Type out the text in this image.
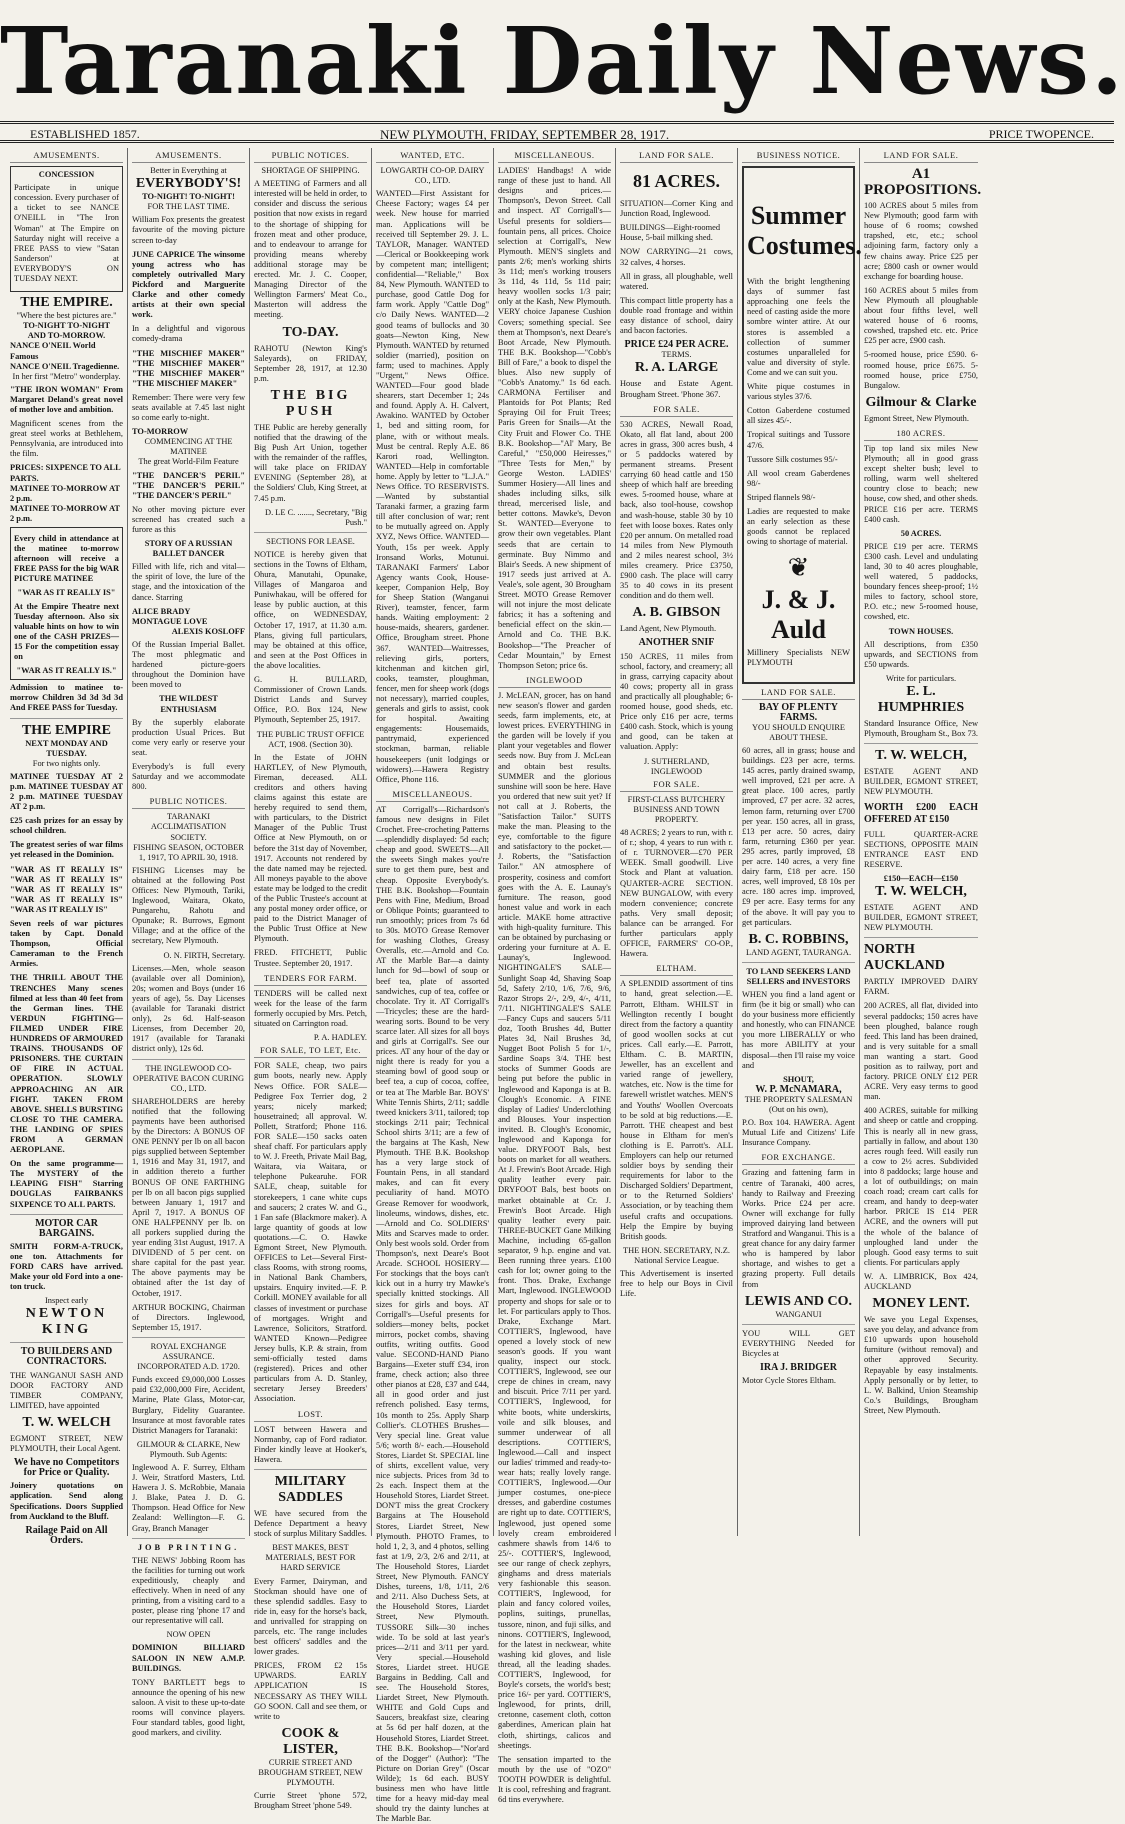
Taranaki Daily News.
ESTABLISHED 1857.	NEW PLYMOUTH, FRIDAY, SEPTEMBER 28, 1917.	PRICE TWOPENCE.
AMUSEMENTS.
CONCESSION
Participate in unique concession. Every purchaser of a ticket to see NANCE O'NEILL in "The Iron Woman" at The Empire on Saturday night will receive a FREE PASS to view "Satan Sanderson" at EVERYBODY'S ON TUESDAY NEXT.
THE EMPIRE.
"Where the best pictures are."
TO-NIGHT TO-NIGHT
AND TO-MORROW.
NANCE O'NEIL World Famous
NANCE O'NEIL Tragedienne.
In her first "Metro" wonderplay.
"THE IRON WOMAN" From Margaret Deland's great novel of mother love and ambition.
Magnificent scenes from the great steel works at Bethlehem, Pennsylvania, are introduced into the film.
PRICES: SIXPENCE TO ALL PARTS.
MATINEE TO-MORROW AT 2 p.m.
MATINEE TO-MORROW AT 2 p.m.
Every child in attendance at the matinee to-morrow afternoon will receive a FREE PASS for the big WAR PICTURE MATINEE
"WAR AS IT REALLY IS"
At the Empire Theatre next Tuesday afternoon. Also six valuable hints on how to win one of the CASH PRIZES—15 For the competition essay on
"WAR AS IT REALLY IS."
Admission to matinee to-morrow Children 3d 3d 3d 3d And FREE PASS for Tuesday.
THE EMPIRE
NEXT MONDAY AND TUESDAY.
For two nights only.
MATINEE TUESDAY AT 2 p.m. MATINEE TUESDAY AT 2 p.m. MATINEE TUESDAY AT 2 p.m.
£25 cash prizes for an essay by school children.
The greatest series of war films yet released in the Dominion.
"WAR AS IT REALLY IS" "WAR AS IT REALLY IS" "WAR AS IT REALLY IS" "WAR AS IT REALLY IS" "WAR AS IT REALLY IS"
Seven reels of war pictures taken by Capt. Donald Thompson, Official Cameraman to the French Armies.
THE THRILL ABOUT THE TRENCHES Many scenes filmed at less than 40 feet from the German lines. THE VERDUN FIGHTING—FILMED UNDER FIRE HUNDREDS OF ARMOURED TRAINS. THOUSANDS OF PRISONERS. THE CURTAIN OF FIRE IN ACTUAL OPERATION. SLOWLY APPROACHING AN AIR FIGHT. TAKEN FROM ABOVE. SHELLS BURSTING CLOSE TO THE CAMERA. THE LANDING OF SPIES FROM A GERMAN AEROPLANE.
On the same programme— The MYSTERY of the LEAPING FISH" Starring DOUGLAS FAIRBANKS SIXPENCE TO ALL PARTS.
MOTOR CAR BARGAINS.
SMITH FORM-A-TRUCK, one ton. Attachments for FORD CARS have arrived. Make your old Ford into a one-ton truck.
Inspect early
NEWTON KING
TO BUILDERS AND CONTRACTORS.
THE WANGANUI SASH AND DOOR FACTORY AND TIMBER COMPANY, LIMITED, have appointed
T. W. WELCH
EGMONT STREET, NEW PLYMOUTH, their Local Agent.
We have no Competitors for Price or Quality.
Joinery quotations on application. Send along Specifications. Doors Supplied from Auckland to the Bluff.
Railage Paid on All Orders.
AMUSEMENTS.
Better in Everything at
EVERYBODY'S!
TO-NIGHT! TO-NIGHT!
FOR THE LAST TIME.
William Fox presents the greatest favourite of the moving picture screen to-day
JUNE CAPRICE The winsome young actress who has completely outrivalled Mary Pickford and Marguerite Clarke and other comedy artists at their own special work.
In a delightful and vigorous comedy-drama
"THE MISCHIEF MAKER" "THE MISCHIEF MAKER" "THE MISCHIEF MAKER" "THE MISCHIEF MAKER"
Remember: There were very few seats available at 7.45 last night so come early to-night.
TO-MORROW
COMMENCING AT THE MATINEE
The great World-Film Feature
"THE DANCER'S PERIL" "THE DANCER'S PERIL" "THE DANCER'S PERIL"
No other moving picture ever screened has created such a furore as this
STORY OF A RUSSIAN BALLET DANCER
Filled with life, rich and vital—the spirit of love, the lure of the stage, and the intoxication of the dance. Starring
ALICE BRADY
MONTAGUE LOVE
ALEXIS KOSLOFF
Of the Russian Imperial Ballet. The most phlegmatic and hardened picture-goers throughout the Dominion have been moved to
THE WILDEST ENTHUSIASM
By the superbly elaborate production Usual Prices. But come very early or reserve your seat.
Everybody's is full every Saturday and we accommodate 800.
PUBLIC NOTICES.
TARANAKI ACCLIMATISATION SOCIETY.
FISHING SEASON, OCTOBER 1, 1917, TO APRIL 30, 1918.
FISHING Licenses may be obtained at the following Post Offices: New Plymouth, Tariki, Inglewood, Waitara, Okato, Pungarehu, Rahotu and Opunake; R. Burrows, Egmont Village; and at the office of the secretary, New Plymouth.
O. N. FIRTH, Secretary.
Licenses.—Men, whole season (available over all Dominion), 20s; women and Boys (under 16 years of age), 5s. Day Licenses (available for Taranaki district only), 2s 6d. Half-season Licenses, from December 20, 1917 (available for Taranaki district only), 12s 6d.
THE INGLEWOOD CO-OPERATIVE BACON CURING CO., LTD.
SHAREHOLDERS are hereby notified that the following payments have been authorised by the Directors: A BONUS OF ONE PENNY per lb on all bacon pigs supplied between September 1, 1916 and May 31, 1917, and in addition thereto a further BONUS OF ONE FARTHING per lb on all bacon pigs supplied between January 1, 1917 and April 7, 1917. A BONUS OF ONE HALFPENNY per lb. on all porkers supplied during the year ending 31st August, 1917. A DIVIDEND of 5 per cent. on share capital for the past year. The above payments may be obtained after the 1st day of October, 1917.
ARTHUR BOCKING, Chairman of Directors. Inglewood, September 15, 1917.
ROYAL EXCHANGE ASSURANCE. INCORPORATED A.D. 1720.
Funds exceed £9,000,000 Losses paid £32,000,000 Fire, Accident, Marine, Plate Glass, Motor-car, Burglary, Fidelity Guarantee. Insurance at most favorable rates District Managers for Taranaki:
GILMOUR & CLARKE, New Plymouth. Sub Agents:
Inglewood A. F. Surrey, Eltham J. Weir, Stratford Masters, Ltd. Hawera J. S. McRobbie, Manaia J. Blake, Patea J. D. G. Thompson. Head Office for New Zealand: Wellington—F. G. Gray, Branch Manager
JOB PRINTING.
THE NEWS' Jobbing Room has the facilities for turning out work expeditiously, cheaply and effectively. When in need of any printing, from a visiting card to a poster, please ring 'phone 17 and our representative will call.
NOW OPEN
DOMINION BILLIARD SALOON IN NEW A.M.P. BUILDINGS.
TONY BARTLETT begs to announce the opening of his new saloon. A visit to these up-to-date rooms will convince players. Four standard tables, good light, good markers, and civility.
PUBLIC NOTICES.
SHORTAGE OF SHIPPING.
A MEETING of Farmers and all interested will be held in order, to consider and discuss the serious position that now exists in regard to the shortage of shipping for frozen meat and other produce, and to endeavour to arrange for providing means whereby additional storage may be erected. Mr. J. C. Cooper, Managing Director of the Wellington Farmers' Meat Co., Masterton will address the meeting.
TO-DAY.
RAHOTU (Newton King's Saleyards), on FRIDAY, September 28, 1917, at 12.30 p.m.
THE BIG PUSH
THE Public are hereby generally notified that the drawing of the Big Push Art Union, together with the remainder of the raffles, will take place on FRIDAY EVENING (September 28), at the Soldiers' Club, King Street, at 7.45 p.m.
D. LE C. ......., Secretary, "Big Push."
SECTIONS FOR LEASE.
NOTICE is hereby given that sections in the Towns of Eltham, Ohura, Manutahi, Opunake, Villages of Mangaroa and Puniwhakau, will be offered for lease by public auction, at this office, on WEDNESDAY, October 17, 1917, at 11.30 a.m. Plans, giving full particulars, may be obtained at this office, and seen at the Post Offices in the above localities.
G. H. BULLARD, Commissioner of Crown Lands. District Lands and Survey Office, P.O. Box 124, New Plymouth, September 25, 1917.
THE PUBLIC TRUST OFFICE ACT, 1908. (Section 30).
In the Estate of JOHN HARTLEY, of New Plymouth, Fireman, deceased. ALL creditors and others having claims against this estate are hereby required to send them, with particulars, to the District Manager of the Public Trust Office at New Plymouth, on or before the 31st day of November, 1917. Accounts not rendered by the date named may be rejected. All moneys payable to the above estate may be lodged to the credit of the Public Trustee's account at any postal money order office, or paid to the District Manager of the Public Trust Office at New Plymouth.
FRED. FITCHETT, Public Trustee. September 20, 1917.
TENDERS FOR FARM.
TENDERS will be called next week for the lease of the farm formerly occupied by Mrs. Petch, situated on Carrington road.
P. A. HADLEY.
FOR SALE, TO LET, Etc.
FOR SALE, cheap, two pairs gum boots, nearly new. Apply News Office. FOR SALE—Pedigree Fox Terrier dog, 2 years; nicely marked; housetrained; all approval. W. Pollett, Stratford; Phone 116. FOR SALE—150 sacks oaten sheaf chaff. For particulars apply to W. J. Freeth, Private Mail Bag, Waitara, via Waitara, or telephone Pukearuhe. FOR SALE, cheap, suitable for storekeepers, 1 cane white cups and saucers; 2 crates W. and G., 1 Fan safe (Blackmore maker). A large quantity of goods at low quotations.—C. O. Hawke Egmont Street, New Plymouth. OFFICES to Let—Several First-class Rooms, with strong rooms, in National Bank Chambers, upstairs. Enquiry invited.—F. P. Corkill. MONEY available for all classes of investment or purchase of mortgages. Wright and Lawrence, Solicitors, Stratford. WANTED Known—Pedigree Jersey bulls, K.P. & strain, from semi-officially tested dams (registered). Prices and other particulars from A. D. Stanley, secretary Jersey Breeders' Association.
LOST.
LOST between Hawera and Normanby, cap of Ford radiator. Finder kindly leave at Hooker's, Hawera.
MILITARY SADDLES
WE have secured from the Defence Department a heavy stock of surplus Military Saddles.
BEST MAKES, BEST MATERIALS, BEST FOR HARD SERVICE
Every Farmer, Dairyman, and Stockman should have one of these splendid saddles. Easy to ride in, easy for the horse's back, and unrivalled for strapping on parcels, etc. The range includes best officers' saddles and the lower grades.
PRICES, FROM £2 15s UPWARDS. EARLY APPLICATION IS NECESSARY AS THEY WILL GO SOON. Call and see them, or write to
COOK & LISTER,
CURRIE STREET AND BROUGHAM STREET, NEW PLYMOUTH.
Currie Street 'phone 572, Brougham Street 'phone 549.
WANTED, ETC.
LOWGARTH CO-OP. DAIRY CO., LTD.
WANTED—First Assistant for Cheese Factory; wages £4 per week. New house for married man. Applications will be received till September 29. J. L. TAYLOR, Manager. WANTED—Clerical or Bookkeeping work by competent man; intelligent; confidential—"Reliable," Box 84, New Plymouth. WANTED to purchase, good Cattle Dog for farm work. Apply "Cattle Dog" c/o Daily News. WANTED—2 good teams of bullocks and 30 goats—Newton King, New Plymouth. WANTED by returned soldier (married), position on farm; used to machines. Apply "Urgent," News Office. WANTED—Four good blade shearers, start December 1; 24s and found. Apply A. H. Calvert, Awakino. WANTED by October 1, bed and sitting room, for plane, with or without meals. Must be central. Reply A.E. 86 Karori road, Wellington. WANTED—Help in comfortable home. Apply by letter to "L.J.A." News Office. TO RESERVISTS.—Wanted by substantial Taranaki farmer, a grazing farm till after conclusion of war; rent to be mutually agreed on. Apply XYZ, News Office. WANTED—Youth, 15s per week. Apply Ironsand Works, Motunui. TARANAKI Farmers' Labor Agency wants Cook, House-keeper, Companion Help, Boy for Sheep Station (Wanganui River), teamster, fencer, farm hands. Waiting employment: 2 house-maids, shearers, gardener. Office, Brougham street. Phone 367. WANTED—Waitresses, relieving girls, porters, kitchenman and kitchen girl, cooks, teamster, ploughman, fencer, men for sheep work (dogs not necessary), married couples, generals and girls to assist, cook for hospital. Awaiting engagements: Housemaids, pantrymaid, experienced stockman, barman, reliable housekeepers (unit lodgings or widowers).—Hawera Registry Office, Phone 116.
MISCELLANEOUS.
AT Corrigall's—Richardson's famous new designs in Filet Crochet. Free-crocheting Patterns—splendidly displayed: 5d each; cheap and good. SWEETS—All the sweets Singh makes you're sure to get them pure, best and cheap. Opposite Everybody's. THE B.K. Bookshop—Fountain Pens with Fine, Medium, Broad or Oblique Points; guaranteed to run smoothly; prices from 7s 6d to 30s. MOTO Grease Remover for washing Clothes, Greasy Overalls, etc.—Arnold and Co. AT the Marble Bar—a dainty lunch for 9d—bowl of soup or beef tea, plate of assorted sandwiches, cup of tea, coffee or chocolate. Try it. AT Corrigall's—Tricycles; these are the hard-wearing sorts. Bound to be very scarce later. All sizes for all boys and girls at Corrigall's. See our prices. AT any hour of the day or night there is ready for you a steaming bowl of good soup or beef tea, a cup of cocoa, coffee, or tea at The Marble Bar. BOYS' White Tennis Shirts, 2/11; saddle tweed knickers 3/11, tailored; top stockings 2/11 pair; Technical School shirts 3/11; are a few of the bargains at The Kash, New Plymouth. THE B.K. Bookshop has a very large stock of Fountain Pens, in all standard makes, and can fit every peculiarity of hand. MOTO Grease Remover for woodwork, linoleums, windows, dishes, etc.—Arnold and Co. SOLDIERS' Mits and Scarves made to order. Only best wools sold. Order from Thompson's, next Deare's Boot Arcade. SCHOOL HOSIERY—For stockings that the boys can't kick out in a hurry try Mawke's specially knitted stockings. All sizes for girls and boys. AT Corrigall's—Useful presents for soldiers—money belts, pocket mirrors, pocket combs, shaving outfits, writing outfits. Good value. SECOND-HAND Piano Bargains—Exeter stuff £34, iron frame, check action; also three other pianos at £28, £37 and £44, all in good order and just refrench polished. Easy terms, 10s month to 25s. Apply Sharp Collier's. CLOTHES Brushes—Very special line. Great value 5/6; worth 8/- each.—Household Stores, Liardet St. SPECIAL line of shirts, excellent value, very nice subjects. Prices from 3d to 2s each. Inspect them at the Household Stores, Liardet Street. DON'T miss the great Crockery Bargains at The Household Stores, Liardet Street, New Plymouth. PHOTO Frames, to hold 1, 2, 3, and 4 photos, selling fast at 1/9, 2/3, 2/6 and 2/11, at The Household Stores, Liardet Street, New Plymouth. FANCY Dishes, tureens, 1/8, 1/11, 2/6 and 2/11. Also Duchess Sets, at the Household Stores, Liardet Street, New Plymouth. TUSSORE Silk—30 inches wide. To be sold at last year's prices—2/11 and 3/11 per yard. Very special.—Household Stores, Liardet street. HUGE Bargains in Bedding. Call and see. The Household Stores, Liardet Street, New Plymouth. WHITE and Gold Cups and Saucers, breakfast size, clearing at 5s 6d per half dozen, at the Household Stores, Liardet Street. THE B.K. Bookshop—"Nor'ard of the Dogger" (Author): "The Picture on Dorian Grey" (Oscar Wilde); 1s 6d each. BUSY business men who have little time for a heavy mid-day meal should try the dainty lunches at The Marble Bar.
MISCELLANEOUS.
LADIES' Handbags! A wide range of these just to hand. All designs and prices.—Thompson's, Devon Street. Call and inspect. AT Corrigall's—Useful presents for soldiers—fountain pens, all prices. Choice selection at Corrigall's, New Plymouth. MEN'S singlets and pants 2/6; men's working shirts 3s 11d; men's working trousers 3s 11d, 4s 11d, 5s 11d pair; heavy woollen socks 1/3 pair; only at the Kash, New Plymouth. VERY choice Japanese Cushion Covers; something special. See them at Thompson's, next Deare's Boot Arcade, New Plymouth. THE B.K. Bookshop—"Cobb's Bill of Fare," a book to dispel the blues. Also new supply of "Cobb's Anatomy." 1s 6d each. CARMONA Fertiliser and Plantoids for Pot Plants; Red Spraying Oil for Fruit Trees; Paris Green for Snails—At the City Fruit and Flower Co. THE B.K. Bookshop—"Al' Mary, Be Careful," "£50,000 Heiresses," "Three Tests for Men," by George Weston. LADIES' Summer Hosiery—All lines and shades including silks, silk thread, mercerised lisle, and better cottons. Mawke's, Devon St. WANTED—Everyone to grow their own vegetables. Plant seeds that are certain to germinate. Buy Nimmo and Blair's Seeds. A new shipment of 1917 seeds just arrived at A. Veale's, sole agent, 30 Brougham Street. MOTO Grease Remover will not injure the most delicate fabrics; it has a softening and beneficial effect on the skin.—Arnold and Co. THE B.K. Bookshop—"The Preacher of Cedar Mountain," by Ernest Thompson Seton; price 6s.
INGLEWOOD
J. McLEAN, grocer, has on hand new season's flower and garden seeds, farm implements, etc, at lowest prices. EVERYTHING in the garden will be lovely if you plant your vegetables and flower seeds now. Buy from J. McLean and obtain best results. SUMMER and the glorious sunshine will soon be here. Have you ordered that new suit yet? If not call at J. Roberts, the "Satisfaction Tailor." SUITS make the man. Pleasing to the eye, comfortable to the figure and satisfactory to the pocket.—J. Roberts, the "Satisfaction Tailor." AN atmosphere of prosperity, cosiness and comfort goes with the A. E. Launay's furniture. The reason, good honest value and work in each article. MAKE home attractive with high-quality furniture. This can be obtained by purchasing or ordering your furniture at A. E. Launay's, Inglewood. NIGHTINGALE'S SALE—Sunlight Soap 4d, Shaving Soap 5d, Safety 2/10, 1/6, 7/6, 9/6, Razor Strops 2/-, 2/9, 4/-, 4/11, 7/11. NIGHTINGALE'S SALE—Fancy Cups and saucers 5/11 doz, Tooth Brushes 4d, Butter Plates 3d, Nail Brushes 3d, Nugget Boot Polish 5 for 1/-, Sardine Soaps 3/4. THE best stocks of Summer Goods are being put before the public in Inglewood and Kaponga is at B. Clough's Economic. A FINE display of Ladies' Underclothing and Blouses. Your inspection invited. B. Clough's Economic, Inglewood and Kaponga for value. DRYFOOT Bals, best boots on market for all weathers. At J. Frewin's Boot Arcade. High quality leather every pair. DRYFOOT Bals, best boots on market obtainable at Cr. J. Frewin's Boot Arcade. High quality leather every pair. THREE-BUCKET Gane Milking Machine, including 65-gallon separator, 9 h.p. engine and vat. Been running three years. £100 cash for lot; owner going to the front. Thos. Drake, Exchange Mart, Inglewood. INGLEWOOD property and shops for sale or to let. For particulars apply to Thos. Drake, Exchange Mart. COTTIER'S, Inglewood, have opened a lovely stock of new season's goods. If you want quality, inspect our stock. COTTIER'S, Inglewood, see our crepe de chines in cream, navy and biscuit. Price 7/11 per yard. COTTIER'S, Inglewood, for white boots, white underskirts, voile and silk blouses, and summer underwear of all descriptions. COTTIER'S, Inglewood.—Call and inspect our ladies' trimmed and ready-to-wear hats; really lovely range. COTTIER'S, Inglewood.—Our jumper costumes, one-piece dresses, and gaberdine costumes are right up to date. COTTIER'S, Inglewood, just opened some lovely cream embroidered cashmere shawls from 14/6 to 25/-. COTTIER'S, Inglewood, see our range of check zephyrs, ginghams and dress materials very fashionable this season. COTTIER'S, Inglewood, for plain and fancy colored voiles, poplins, suitings, prunellas, tussore, ninon, and fuji silks, and ninons. COTTIER'S, Inglewood, for the latest in neckwear, white washing kid gloves, and lisle thread, all the leading shades. COTTIER'S, Inglewood, for Boyle's corsets, the world's best; price 16/- per yard. COTTIER'S, Inglewood, for prints, drill, cretonne, casement cloth, cotton gaberdines, American plain hat cloth, shirtings, calicos and sheetings.
The sensation imparted to the mouth by the use of "OZO" TOOTH POWDER is delightful. It is cool, refreshing and fragrant. 6d tins everywhere.
LAND FOR SALE.
81 ACRES.
SITUATION—Corner King and Junction Road, Inglewood.
BUILDINGS—Eight-roomed House, 5-bail milking shed.
NOW CARRYING—21 cows, 32 calves, 4 horses.
All in grass, all ploughable, well watered.
This compact little property has a double road frontage and within easy distance of school, dairy and bacon factories.
PRICE £24 PER ACRE.
TERMS.
R. A. LARGE
House and Estate Agent. Brougham Street. 'Phone 367.
FOR SALE.
530 ACRES, Newall Road, Okato, all flat land, about 200 acres in grass, 300 acres bush, 4 or 5 paddocks watered by permanent streams. Present carrying 60 head cattle and 150 sheep of which half are breeding ewes. 5-roomed house, whare at back, also tool-house, cowshop and wash-house, stable 30 by 10 feet with loose boxes. Rates only £20 per annum. On metalled road 14 miles from New Plymouth and 2 miles nearest school, 3½ miles creamery. Price £3750, £900 cash. The place will carry 35 to 40 cows in its present condition and do them well.
A. B. GIBSON
Land Agent, New Plymouth.
ANOTHER SNIF
150 ACRES, 11 miles from school, factory, and creamery; all in grass, carrying capacity about 40 cows; property all in grass and practically all ploughable; 6-roomed house, good sheds, etc. Price only £16 per acre, terms £400 cash. Stock, which is young and good, can be taken at valuation. Apply:
J. SUTHERLAND, INGLEWOOD
FOR SALE.
FIRST-CLASS BUTCHERY BUSINESS AND TOWN PROPERTY.
48 ACRES; 2 years to run, with r. of r.; shop, 4 years to run with r. of r. TURNOVER—£70 PER WEEK. Small goodwill. Live Stock and Plant at valuation. QUARTER-ACRE SECTION. NEW BUNGALOW, with every modern convenience; concrete paths. Very small deposit; balance can be arranged. For further particulars apply OFFICE, FARMERS' CO-OP., Hawera.
ELTHAM.
A SPLENDID assortment of tins to hand, great selection.—E. Parrott, Eltham. WHILST in Wellington recently I bought direct from the factory a quantity of good woollen socks at cut prices. Call early.—E. Parrott, Eltham. C. B. MARTIN, Jeweller, has an excellent and varied range of jewellery, watches, etc. Now is the time for farewell wristlet watches. MEN'S and Youths' Woollen Overcoats to be sold at big reductions.—E. Parrott. THE cheapest and best house in Eltham for men's clothing is E. Parrott's. ALL Employers can help our returned soldier boys by sending their requirements for labor to the Discharged Soldiers' Department, or to the Returned Soldiers' Association, or by teaching them useful crafts and occupations. Help the Empire by buying British goods.
THE HON. SECRETARY, N.Z. National Service League.
This Advertisement is inserted free to help our Boys in Civil Life.
BUSINESS NOTICE.
Summer Costumes.
With the bright lengthening days of summer fast approaching one feels the need of casting aside the more sombre winter attire. At our stores is assembled a collection of summer costumes unparalleled for value and diversity of style. Come and we can suit you.
White pique costumes in various styles 37/6.
Cotton Gaberdene costumed all sizes 45/-.
Tropical suitings and Tussore 47/6.
Tussore Silk costumes 95/-
All wool cream Gaberdenes 98/-
Striped flannels 98/-
Ladies are requested to make an early selection as these goods cannot be replaced owing to shortage of material.
❦
J. & J. Auld
Millinery Specialists NEW PLYMOUTH
LAND FOR SALE.
BAY OF PLENTY FARMS.
YOU SHOULD ENQUIRE ABOUT THESE.
60 acres, all in grass; house and buildings. £23 per acre, terms. 145 acres, partly drained swamp, well improved, £21 per acre. A great place. 100 acres, partly improved, £7 per acre. 32 acres, lemon farm, returning over £700 per year. 150 acres, all in grass, £13 per acre. 50 acres, dairy farm, returning £360 per year. 295 acres, partly improved, £8 per acre. 140 acres, a very fine dairy farm, £18 per acre. 150 acres, well improved, £8 10s per acre. 180 acres imp. improved, £9 per acre. Easy terms for any of the above. It will pay you to get particulars.
B. C. ROBBINS,
LAND AGENT, TAURANGA.
TO LAND SEEKERS LAND SELLERS and INVESTORS
WHEN you find a land agent or firm (be it big or small) who can do your business more efficiently and honestly, who can FINANCE you more LIBERALLY or who has more ABILITY at your disposal—then I'll raise my voice and
SHOUT,
W. P. McNAMARA,
THE PROPERTY SALESMAN (Out on his own),
P.O. Box 104. HAWERA. Agent Mutual Life and Citizens' Life Insurance Company.
FOR EXCHANGE.
Grazing and fattening farm in centre of Taranaki, 400 acres, handy to Railway and Freezing Works. Price £24 per acre. Owner will exchange for fully improved dairying land between Stratford and Wanganui. This is a great chance for any dairy farmer who is hampered by labor shortage, and wishes to get a grazing property. Full details from
LEWIS AND CO.
WANGANUI
YOU WILL GET EVERYTHING Needed for Bicycles at
IRA J. BRIDGER
Motor Cycle Stores Eltham.
LAND FOR SALE.
A1 PROPOSITIONS.
100 ACRES about 5 miles from New Plymouth; good farm with house of 6 rooms; cowshed trapshed, etc, etc.; school adjoining farm, factory only a few chains away. Price £25 per acre; £800 cash or owner would exchange for boarding house.
160 ACRES about 5 miles from New Plymouth all ploughable about four fifths level, well watered house of 6 rooms, cowshed, trapshed etc. etc. Price £25 per acre, £900 cash.
5-roomed house, price £590. 6-roomed house, price £675. 5-roomed house, price £750, Bungalow.
Gilmour & Clarke
Egmont Street, New Plymouth.
180 ACRES.
Tip top land six miles New Plymouth; all in good grass except shelter bush; level to rolling, warm well sheltered country close to beach; new house, cow shed, and other sheds. PRICE £16 per acre. TERMS £400 cash.
50 ACRES.
PRICE £19 per acre. TERMS £300 cash. Level and undulating land, 30 to 40 acres ploughable, well watered, 5 paddocks, boundary fences sheep-proof; 1½ miles to factory, school store, P.O. etc.; new 5-roomed house, cowshed, etc.
TOWN HOUSES.
All descriptions, from £350 upwards, and SECTIONS from £50 upwards.
Write for particulars.
E. L. HUMPHRIES
Standard Insurance Office, New Plymouth, Brougham St., Box 73.
T. W. WELCH,
ESTATE AGENT AND BUILDER, EGMONT STREET, NEW PLYMOUTH.
WORTH £200 EACH OFFERED AT £150
FULL QUARTER-ACRE SECTIONS, OPPOSITE MAIN ENTRANCE EAST END RESERVE.
£150—EACH—£150
T. W. WELCH,
ESTATE AGENT AND BUILDER, EGMONT STREET, NEW PLYMOUTH.
NORTH AUCKLAND
PARTLY IMPROVED DAIRY FARM.
200 ACRES, all flat, divided into several paddocks; 150 acres have been ploughed, balance rough feed. This land has been drained, and is very suitable for a small man wanting a start. Good position as to railway, port and factory. PRICE ONLY £12 PER ACRE. Very easy terms to good man.
400 ACRES, suitable for milking and sheep or cattle and cropping. This is nearly all in new grass, partially in fallow, and about 130 acres rough feed. Will easily run a cow to 2½ acres. Subdivided into 8 paddocks; large house and a lot of outbuildings; on main coach road; cream cart calls for cream, and handy to deep-water harbor. PRICE IS £14 PER ACRE, and the owners will put the whole of the balance of unploughed land under the plough. Good easy terms to suit clients. For particulars apply
W. A. LIMBRICK, Box 424, AUCKLAND
MONEY LENT.
We save you Legal Expenses, save you delay, and advance from £10 upwards upon household furniture (without removal) and other approved Security. Repayable by easy instalments. Apply personally or by letter, to L. W. Balkind, Union Steamship Co.'s Buildings, Brougham Street, New Plymouth.
